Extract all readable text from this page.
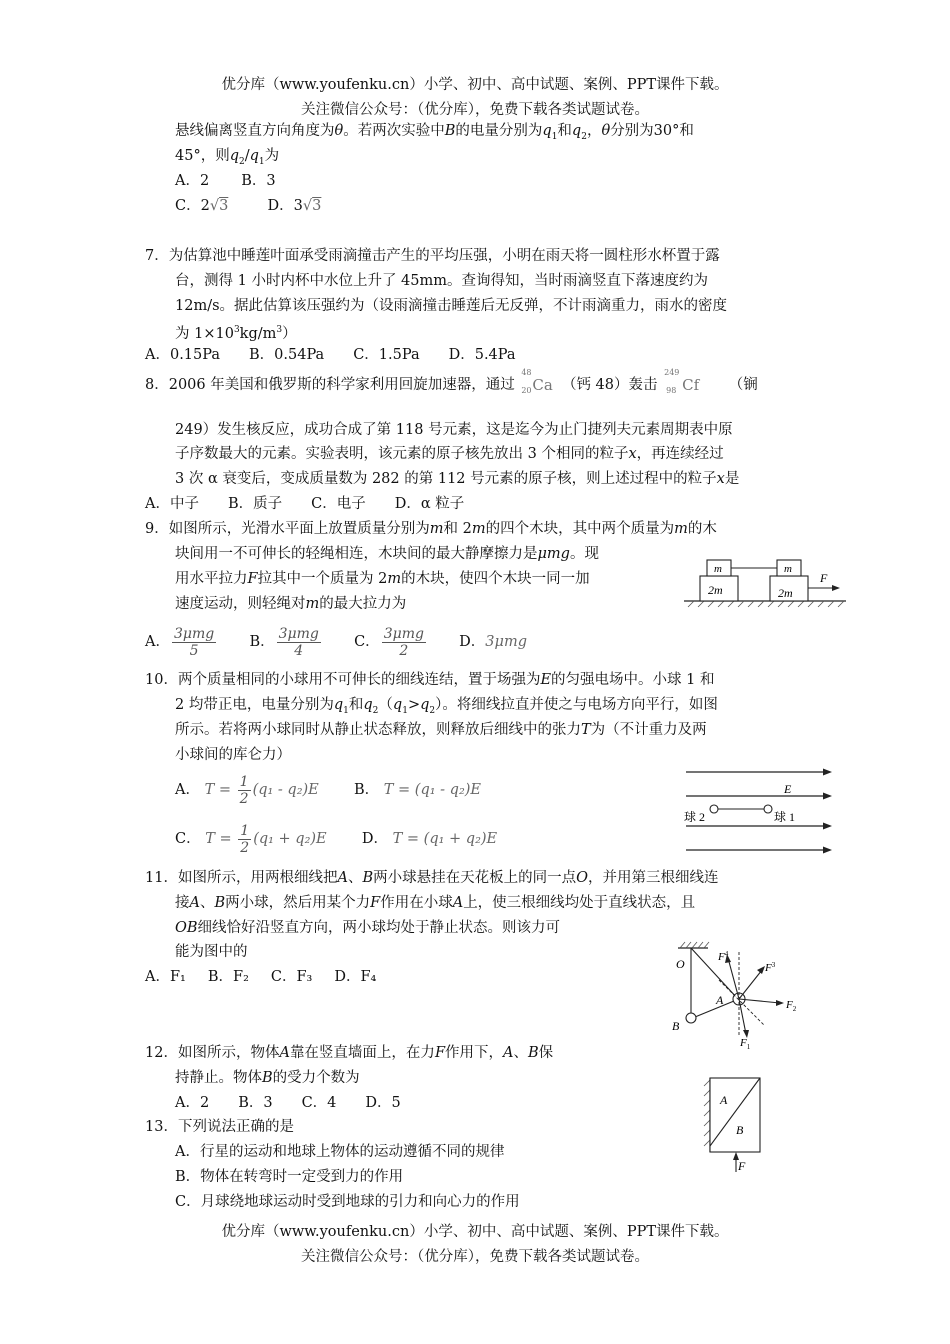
优分库（www.youfenku.cn）小学、初中、高中试题、案例、PPT课件下载。
关注微信公众号：（优分库），免费下载各类试题试卷。
悬线偏离竖直方向角度为θ。若两次实验中B的电量分别为$q_1$和$q_2$，θ分别为30°和
45°，则$q_2/q_1$为
A．2 B．3
C．2√3	D．3√3
7．为估算池中睡莲叶面承受雨滴撞击产生的平均压强，小明在雨天将一圆柱形水杯置于露
台，测得 1 小时内杯中水位上升了 45mm。查询得知，当时雨滴竖直下落速度约为
12m/s。据此估算该压强约为（设雨滴撞击睡莲后无反弹，不计雨滴重力，雨水的密度
为 $1\times 10^3kg/m^3$）
A．0.15Pa　　B．0.54Pa　　C．1.5Pa　　D．5.4Pa
8．2006 年美国和俄罗斯的科学家利用回旋加速器，通过
48
20 Ca （钙 48）轰击
249
98 Cf （锎
249）发生核反应，成功合成了第 118 号元素，这是迄今为止门捷列夫元素周期表中原
子序数最大的元素。实验表明，该元素的原子核先放出 3 个相同的粒子x，再连续经过
3 次 α 衰变后，变成质量数为 282 的第 112 号元素的原子核，则上述过程中的粒子x是
A．中子　　B．质子　　C．电子　　D．α 粒子
9．如图所示，光滑水平面上放置质量分别为m和 2m的四个木块，其中两个质量为m的木
块间用一不可伸长的轻绳相连，木块间的最大静摩擦力是μmg。现
用水平拉力F拉其中一个质量为 2m的木块，使四个木块一同一加
速度运动，则轻绳对m的最大拉力为
A． $\frac{\text{3μmg}}{5}$ B． $\frac{\text{3μmg}}{4}$ C． $\frac{\text{3μmg}}{2}$ D．3μmg
m	m
2m	2m
F
10．两个质量相同的小球用不可伸长的细线连结，置于场强为E的匀强电场中。小球 1 和
2 均带正电，电量分别为$q_1$和$q_2(q_1>q_2)$。将细线拉直并使之与电场方向平行，如图
所示。若将两小球同时从静止状态释放，则释放后细线中的张力T为（不计重力及两
小球间的库仑力）
A． $T = \frac{1}{2} (q_1 - q_2)E$ B． T = (q₁ - q₂)E
C． $T = \frac{1}{2} (q_1 + q_2)E$ D． T = (q₁ + q₂)E
E
球 2	球 1
11．如图所示，用两根细线把A、B两小球悬挂在天花板上的同一点O，并用第三根细线连
接A、B两小球，然后用某个力F作用在小球A上，使三根细线均处于直线状态，且
OB细线恰好沿竖直方向，两小球均处于静止状态。则该力可
能为图中的
A．F₁ B．F₂ C．F₃ D．F₄
O
A
B
$F^4$
$F^3$
$F_2$
$F_1$
12．如图所示，物体A靠在竖直墙面上，在力F作用下，A、B保
持静止。物体B的受力个数为
A．2　　B．3　　C．4　　D．5	A
B
F
13．下列说法正确的是
A．行星的运动和地球上物体的运动遵循不同的规律
B．物体在转弯时一定受到力的作用
C．月球绕地球运动时受到地球的引力和向心力的作用
优分库（www.youfenku.cn）小学、初中、高中试题、案例、PPT课件下载。
关注微信公众号：（优分库），免费下载各类试题试卷。
